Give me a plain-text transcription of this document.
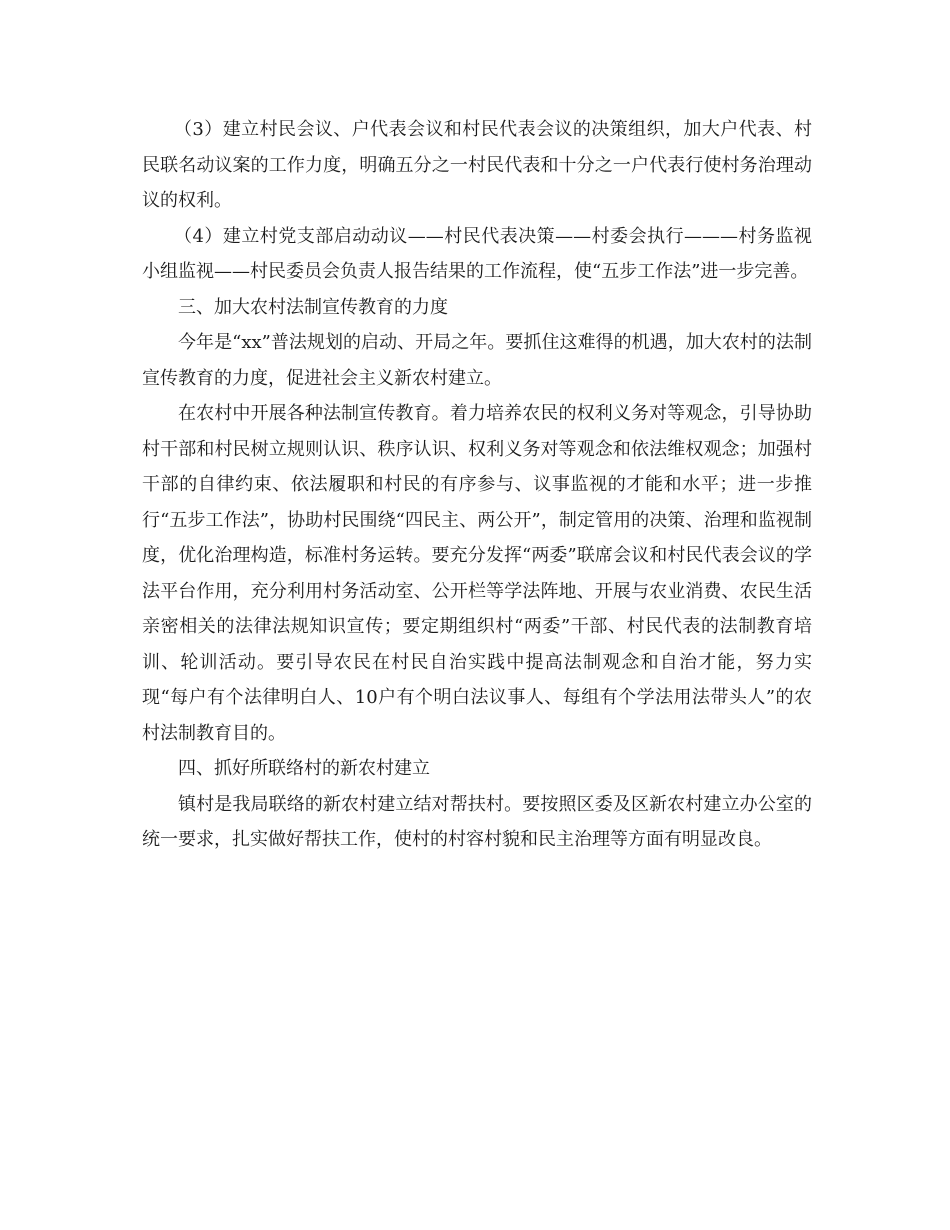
（3）建立村民会议、户代表会议和村民代表会议的决策组织，加大户代表、村民联名动议案的工作力度，明确五分之一村民代表和十分之一户代表行使村务治理动议的权利。

（4）建立村党支部启动动议——村民代表决策——村委会执行———村务监视小组监视——村民委员会负责人报告结果的工作流程，使“五步工作法”进一步完善。

三、加大农村法制宣传教育的力度

今年是“xx”普法规划的启动、开局之年。要抓住这难得的机遇，加大农村的法制宣传教育的力度，促进社会主义新农村建立。

在农村中开展各种法制宣传教育。着力培养农民的权利义务对等观念，引导协助村干部和村民树立规则认识、秩序认识、权利义务对等观念和依法维权观念；加强村干部的自律约束、依法履职和村民的有序参与、议事监视的才能和水平；进一步推行“五步工作法”，协助村民围绕“四民主、两公开”，制定管用的决策、治理和监视制度，优化治理构造，标准村务运转。要充分发挥“两委”联席会议和村民代表会议的学法平台作用，充分利用村务活动室、公开栏等学法阵地、开展与农业消费、农民生活亲密相关的法律法规知识宣传；要定期组织村“两委”干部、村民代表的法制教育培训、轮训活动。要引导农民在村民自治实践中提高法制观念和自治才能，努力实现“每户有个法律明白人、10户有个明白法议事人、每组有个学法用法带头人”的农村法制教育目的。

四、抓好所联络村的新农村建立

镇村是我局联络的新农村建立结对帮扶村。要按照区委及区新农村建立办公室的统一要求，扎实做好帮扶工作，使村的村容村貌和民主治理等方面有明显改良。
